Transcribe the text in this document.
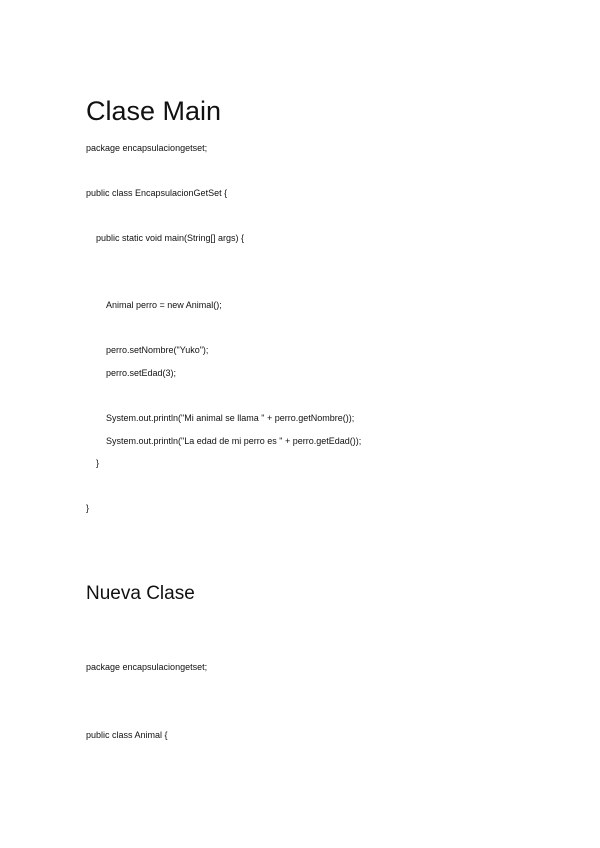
Clase Main
package encapsulaciongetset;
public class EncapsulacionGetSet {
public static void main(String[] args) {
Animal perro = new Animal();
perro.setNombre("Yuko");
perro.setEdad(3);
System.out.println("Mi animal se llama " + perro.getNombre());
System.out.println("La edad de mi perro es " + perro.getEdad());
}
}
Nueva Clase
package encapsulaciongetset;
public class Animal {
